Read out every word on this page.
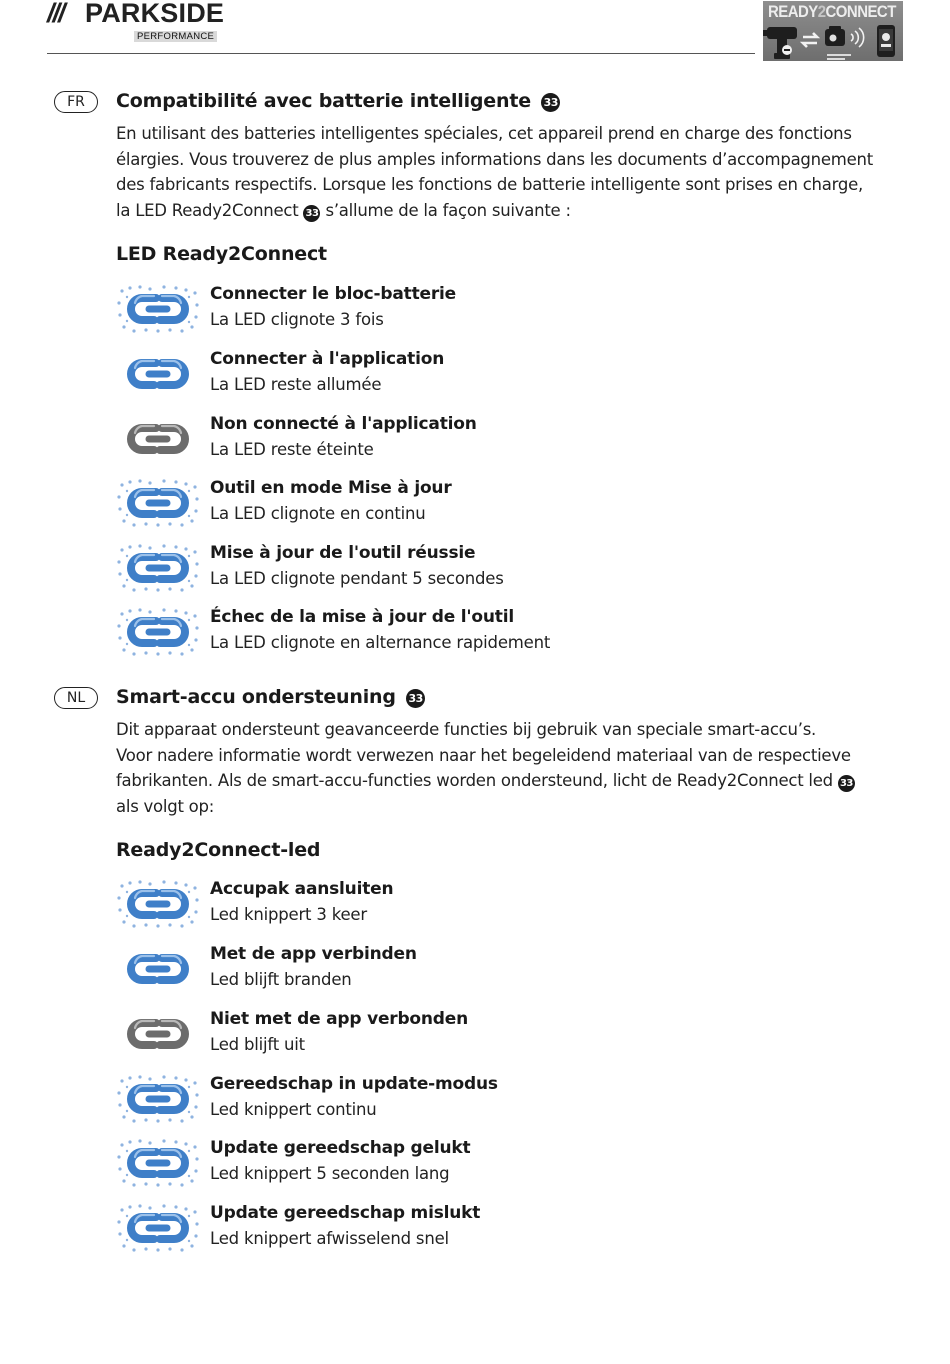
/// PARKSIDE
PERFORMANCE
READY2CONNECT
FR	Compatibilité avec batterie intelligente 33

En utilisant des batteries intelligentes spéciales, cet appareil prend en charge des fonctions

élargies. Vous trouverez de plus amples informations dans les documents d’accompagnement

des fabricants respectifs. Lorsque les fonctions de batterie intelligente sont prises en charge,

la LED Ready2Connect 33 s’allume de la façon suivante :

LED Ready2Connect
Connecter le bloc-batterie
La LED clignote 3 fois
Connecter à l'application
La LED reste allumée
Non connecté à l'application
La LED reste éteinte
Outil en mode Mise à jour
La LED clignote en continu
Mise à jour de l'outil réussie
La LED clignote pendant 5 secondes
Échec de la mise à jour de l'outil
La LED clignote en alternance rapidement
NL	Smart-accu ondersteuning 33

Dit apparaat ondersteunt geavanceerde functies bij gebruik van speciale smart-accu’s.

Voor nadere informatie wordt verwezen naar het begeleidend materiaal van de respectieve

fabrikanten. Als de smart-accu-functies worden ondersteund, licht de Ready2Connect led 33

als volgt op:

Ready2Connect-led
Accupak aansluiten
Led knippert 3 keer
Met de app verbinden
Led blijft branden
Niet met de app verbonden
Led blijft uit
Gereedschap in update-modus
Led knippert continu
Update gereedschap gelukt
Led knippert 5 seconden lang
Update gereedschap mislukt
Led knippert afwisselend snel
